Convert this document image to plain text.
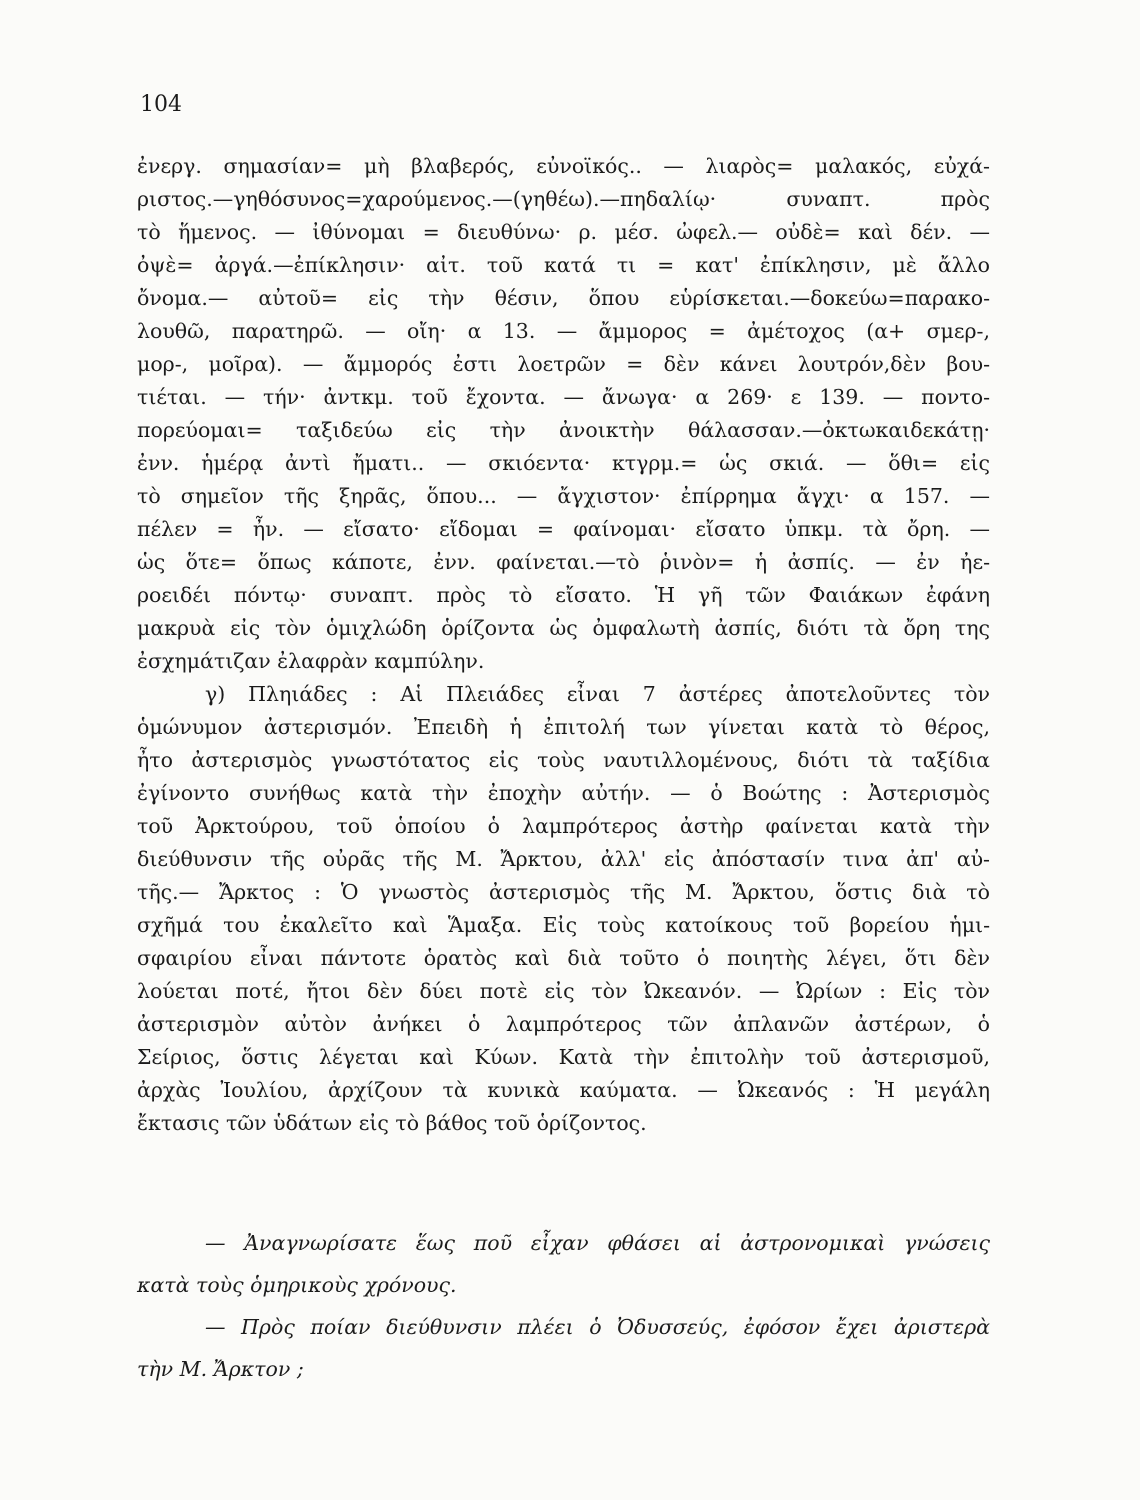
104
ἐνεργ. σημασίαν= μὴ βλαβερός, εὐνοϊκός.. — λιαρὸς= μαλακός, εὐχά-
ριστος.—γηθόσυνος=χαρούμενος.—(γηθέω).—πηδαλίῳ· συναπτ. πρὸς
τὸ ἥμενος. — ἰθύνομαι = διευθύνω· ρ. μέσ. ὠφελ.— οὐδὲ= καὶ δέν. —
ὀψὲ= ἀργά.—ἐπίκλησιν· αἰτ. τοῦ κατά τι = κατ' ἐπίκλησιν, μὲ ἄλλο
ὄνομα.— αὐτοῦ= εἰς τὴν θέσιν, ὅπου εὑρίσκεται.—δοκεύω=παρακο-
λουθῶ, παρατηρῶ. — οἴη· α 13. — ἄμμορος = ἀμέτοχος (α+ σμερ-,
μορ-, μοῖρα). — ἄμμορός ἐστι λοετρῶν = δὲν κάνει λουτρόν,δὲν βου-
τιέται. — τήν· ἀντκμ. τοῦ ἔχοντα. — ἄνωγα· α 269· ε 139. — ποντο-
πορεύομαι= ταξιδεύω εἰς τὴν ἀνοικτὴν θάλασσαν.—ὀκτωκαιδεκάτῃ·
ἐνν. ἡμέρᾳ ἀντὶ ἤματι.. — σκιόεντα· κτγρμ.= ὡς σκιά. — ὅθι= εἰς
τὸ σημεῖον τῆς ξηρᾶς, ὅπου... — ἄγχιστον· ἐπίρρημα ἄγχι· α 157. —
πέλεν = ἦν. — εἴσατο· εἴδομαι = φαίνομαι· εἴσατο ὑπκμ. τὰ ὄρη. —
ὡς ὅτε= ὅπως κάποτε, ἐνν. φαίνεται.—τὸ ῥινὸν= ἡ ἀσπίς. — ἐν ἠε-
ροειδέι πόντῳ· συναπτ. πρὸς τὸ εἴσατο. Ἡ γῆ τῶν Φαιάκων ἐφάνη
μακρυὰ εἰς τὸν ὁμιχλώδη ὁρίζοντα ὡς ὀμφαλωτὴ ἀσπίς, διότι τὰ ὄρη της
ἐσχημάτιζαν ἐλαφρὰν καμπύλην.
γ) Πληιάδες : Αἱ Πλειάδες εἶναι 7 ἀστέρες ἀποτελοῦντες τὸν
ὁμώνυμον ἀστερισμόν. Ἐπειδὴ ἡ ἐπιτολή των γίνεται κατὰ τὸ θέρος,
ἦτο ἀστερισμὸς γνωστότατος εἰς τοὺς ναυτιλλομένους, διότι τὰ ταξίδια
ἐγίνοντο συνήθως κατὰ τὴν ἐποχὴν αὐτήν. — ὁ Βοώτης : Ἀστερισμὸς
τοῦ Ἀρκτούρου, τοῦ ὁποίου ὁ λαμπρότερος ἀστὴρ φαίνεται κατὰ τὴν
διεύθυνσιν τῆς οὐρᾶς τῆς Μ. Ἄρκτου, ἀλλ' εἰς ἀπόστασίν τινα ἀπ' αὐ-
τῆς.— Ἄρκτος : Ὁ γνωστὸς ἀστερισμὸς τῆς Μ. Ἄρκτου, ὅστις διὰ τὸ
σχῆμά του ἐκαλεῖτο καὶ Ἅμαξα. Εἰς τοὺς κατοίκους τοῦ βορείου ἡμι-
σφαιρίου εἶναι πάντοτε ὁρατὸς καὶ διὰ τοῦτο ὁ ποιητὴς λέγει, ὅτι δὲν
λούεται ποτέ, ἤτοι δὲν δύει ποτὲ εἰς τὸν Ὠκεανόν. — Ὠρίων : Εἰς τὸν
ἀστερισμὸν αὐτὸν ἀνήκει ὁ λαμπρότερος τῶν ἀπλανῶν ἀστέρων, ὁ
Σείριος, ὅστις λέγεται καὶ Κύων. Κατὰ τὴν ἐπιτολὴν τοῦ ἀστερισμοῦ,
ἀρχὰς Ἰουλίου, ἀρχίζουν τὰ κυνικὰ καύματα. — Ὠκεανός : Ἡ μεγάλη
ἔκτασις τῶν ὑδάτων εἰς τὸ βάθος τοῦ ὁρίζοντος.
— Ἀναγνωρίσατε ἕως ποῦ εἶχαν φθάσει αἱ ἀστρονομικαὶ γνώσεις
κατὰ τοὺς ὁμηρικοὺς χρόνους.
— Πρὸς ποίαν διεύθυνσιν πλέει ὁ Ὀδυσσεύς, ἐφόσον ἔχει ἀριστερὰ
τὴν Μ. Ἄρκτον ;
